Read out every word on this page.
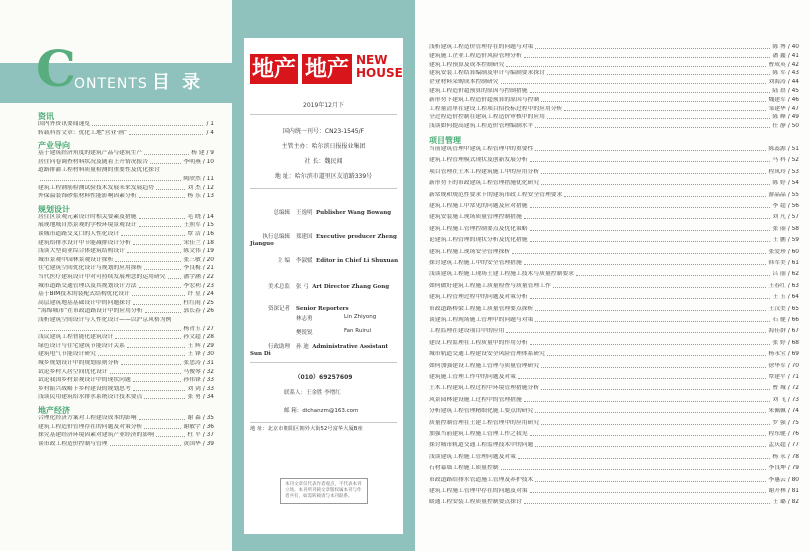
C
ONTENTS 目 录
资讯
国内外资讯要闻速览	/ 1
转载科普文章：优化工地“营业·画”	/ 4
产业导向
基于建筑经济角度的建筑产品与建筑生产	杨 建 / 9
居住问卷调查材料状况及随着上升情况报告	李明燕 / 10
道路排灌工程材料质量检测的重要性及优化探讨
陶欣然 / 11
建筑工程钢筋检测试验技术发展未来发展趋势	刘 杰 / 12
外保温装饰砂浆材料性能影响因素分析	杨 乐 / 13
规划设计
居住区景观元素设计时相关要素及措施	毛 晓 / 14
展现地域自然景观的学校环境景观设计	王照军 / 15
谈城市道路交叉口的人性化设计	覃 洁 / 16
建筑给排水设计中节能减排设计分析	宋佳兰 / 18
浅谈大型商业综合体建筑结构设计	陈文伟 / 19
城市景观中园林景观设计探析	张三敏 / 20
住宅建筑空间优化设计与规划的应用探析	李良梅 / 21
当代医疗建筑设计中对可持续发展理念的运用研究	潘宇涵 / 22
城市道路交通管理以及其规划设计方法	李宏利 / 23
基于BIM技术的装配式结构优化设计	许 星 / 24
高层建筑地基基础设计中的问题探讨	杜红雨 / 25
“海绵城市”在市政道路设计中的应用分析	郭长春 / 26
浅析建筑空间设计与人性化设计——以沪京风格为例
杨青玉 / 27
浅议建筑工程智能化建筑设计	孙文超 / 28
绿色设计与住宅建筑节能设计关系	王 辉 / 29
建筑电气节能设计研究	王 锋 / 30
城乡规划设计中的规划原则分析	张忠涛 / 31
试论乡村人居空间优化设计	马俊琴 / 32
试论我国乡村景观设计中的现状问题	孙伟锋 / 33
乡村振兴战略下乡村建设的规划思考	刘 剑 / 33
浅谈民用建筑给水排水系统设计技术要点	张 勇 / 34
地产经济
合理化经济方案对工程建设成本的影响	谢 森 / 35
建筑工程造价管理存在的问题及对策分析	谢敏宇 / 36
探究基建经济环境因素对建筑产业经济的影响	杜 平 / 37
谈市政工程造价控制与管理	黄国华 / 39
地产 地产 NEW
HOUSE
2019年12月下
国内统一刊号：CN23-1545/F
主管主办：哈尔滨日报报业集团
社 长：魏民闻
地 址：哈尔滨市道里区友谊路339号
总编辑 王逸明 Publisher Wang Bowang
执行总编辑 郑建国 Executive producer Zheng Jianguo
主 编 李淑媛 Editor in Chief Li Shuxuan
美术总监 张 弓 Art Director Zhang Gong
资深记者 Senior Reporters
林志勇	Lin Zhiyong
樊锐锐	Fan Ruirui
行政助理 孙 迪 Administrative Assistant Sun Di
（010）69257609
联系人：王金胜 李增红
邮 箱：dichanzm@163.com
地 址：北京市朝阳区朝外大街52号富华大厦B座
本刊文章仅代表作者观点，不代表本刊立场。本刊所刊载文章版权属本刊与作者共有，如需转载请与本刊联系。
浅析建筑工程造价管理存在的问题与对策	陈 博 / 40
建筑施工企业工程造价风险管理分析	潘 鑫 / 41
建筑工程预算及成本控制研究	曹成英 / 42
建筑安装工程结算编制及审计与编制要求探讨	陈 军 / 43
企业材料采购成本控制研究	刘海涛 / 44
建筑工程造价超预算的原因与控制措施	陆 晨 / 45
新形势下建筑工程造价超预算的原因与控制	魏建军 / 46
工程量清单在建设工程项目招投标过程中的应用分析	邹建华 / 47
全过程造价控制在建筑工程造价审核中的应用	陈 峰 / 49
浅谈如何提高建筑工程造价管理编制水平	任 静 / 50
项目管理
当前建筑管理中建筑工程管理中的重要性	陈蕊源 / 51
建筑工程管理模式现状及创新发展分析	马 科 / 52
项目管理在土木工程建筑施工中的应用分析	程凤玲 / 53
新形势下的市政建筑工程管理措施优化研究	陈 婷 / 54
新常规和规范性要求下的建筑市政工程安全管理要求	游晶晶 / 55
建筑工程施工中常见的问题及应对措施	李 超 / 56
建筑安装施工现场质量管理控制措施	刘 凡 / 57
建筑工程施工管理控制要点及优化策略	张 丽 / 58
论建筑工程管理的现状分析及优化措施	王 鹏 / 59
建筑工程施工现场安全管理探析	张爱珍 / 60
探讨建筑工程施工中的安全管理措施	韩军美 / 61
浅谈建筑工程施工现场土建工程施工技术与质量控制要求	吕 丽 / 62
如何做好建筑工程施工质量检查与质量管理工作	王春红 / 63
建筑工程管理过程中的问题及对策分析	王 玉 / 64
市政道路桥梁工程施工质量管理要点探析	王汉美 / 65
谈建筑工程现场施工管理中的问题与对策	石 健 / 66
工程监理在建设项目中的应用	海佳群 / 67
建设工程监理在工程质量中的作用分析	张 婷 / 68
城市轨道交通工程建设安全风险管理体系研究	杨永宝 / 69
如何加强建设工程施工管理与质量管理研究	徐华军 / 70
建筑施工管理工作中的问题及对策	覃建平 / 71
土木工程建筑工程过程中环境管理措施分析	曹 城 / 72
风景园林建设施工过程中的管理措施	刘 飞 / 73
分析建筑工程管理精细化施工要点的研究	朱佩佩 / 74
质量控制管理在土建工程管理中的应用研究	罗 强 / 75
加强当前建筑工程施工管理工作之我见	程东健 / 76
探讨城市轨道交通工程监理技术中的问题	孟庆超 / 77
浅谈建筑工程施工管理问题及对策	杨 永 / 78
石材幕墙工程施工质量控制	李良坤 / 79
市政道路给排水管道施工管理及养护技术	李惠云 / 80
建筑工程施工管理中存在的问题及对策	谢开林 / 81
暖通工程安装工程质量控制要点探讨	王 璐 / 82
